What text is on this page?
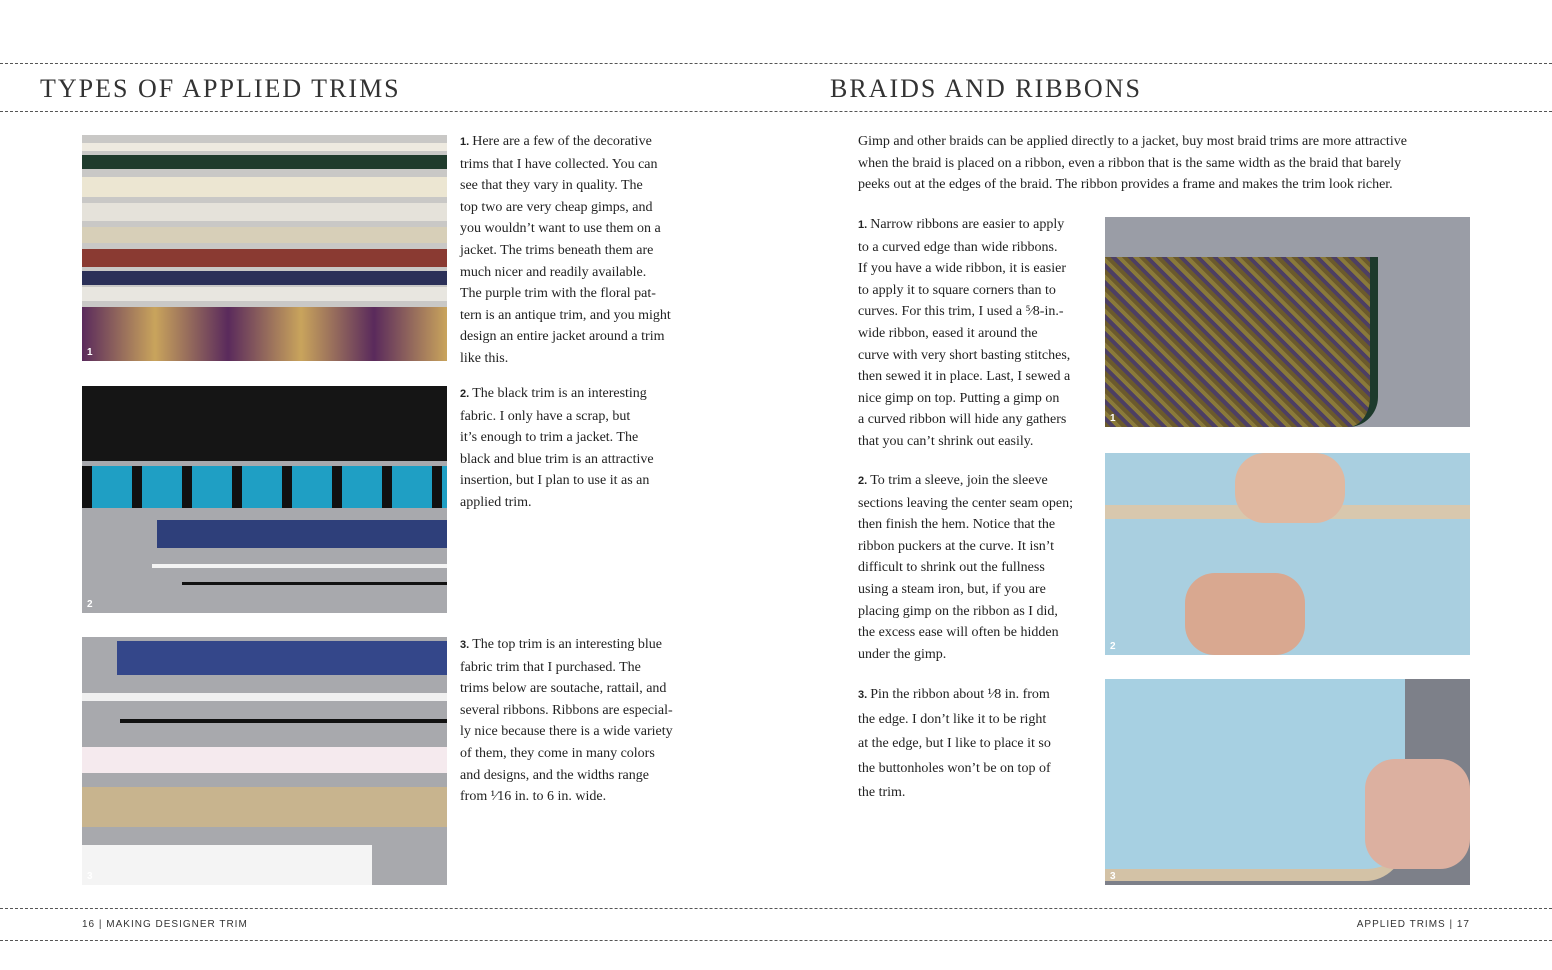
TYPES OF APPLIED TRIMS	BRAIDS AND RIBBONS
1
2
3
1
2
3
1. Here are a few of the decorative
trims that I have collected. You can
see that they vary in quality. The
top two are very cheap gimps, and
you wouldn’t want to use them on a
jacket. The trims beneath them are
much nicer and readily available.
The purple trim with the floral pat-
tern is an antique trim, and you might
design an entire jacket around a trim
like this.
2. The black trim is an interesting
fabric. I only have a scrap, but
it’s enough to trim a jacket. The
black and blue trim is an attractive
insertion, but I plan to use it as an
applied trim.
3. The top trim is an interesting blue
fabric trim that I purchased. The
trims below are soutache, rattail, and
several ribbons. Ribbons are especial-
ly nice because there is a wide variety
of them, they come in many colors
and designs, and the widths range
from ¹⁄16 in. to 6 in. wide.
Gimp and other braids can be applied directly to a jacket, buy most braid trims are more attractive
when the braid is placed on a ribbon, even a ribbon that is the same width as the braid that barely
peeks out at the edges of the braid. The ribbon provides a frame and makes the trim look richer.
1. Narrow ribbons are easier to apply
to a curved edge than wide ribbons.
If you have a wide ribbon, it is easier
to apply it to square corners than to
curves. For this trim, I used a ⁵⁄8-in.-
wide ribbon, eased it around the
curve with very short basting stitches,
then sewed it in place. Last, I sewed a
nice gimp on top. Putting a gimp on
a curved ribbon will hide any gathers
that you can’t shrink out easily.
2. To trim a sleeve, join the sleeve
sections leaving the center seam open;
then finish the hem. Notice that the
ribbon puckers at the curve. It isn’t
difficult to shrink out the fullness
using a steam iron, but, if you are
placing gimp on the ribbon as I did,
the excess ease will often be hidden
under the gimp.
3. Pin the ribbon about ¹⁄8 in. from
the edge. I don’t like it to be right
at the edge, but I like to place it so
the buttonholes won’t be on top of
the trim.
16 | MAKING DESIGNER TRIM	APPLIED TRIMS | 17
